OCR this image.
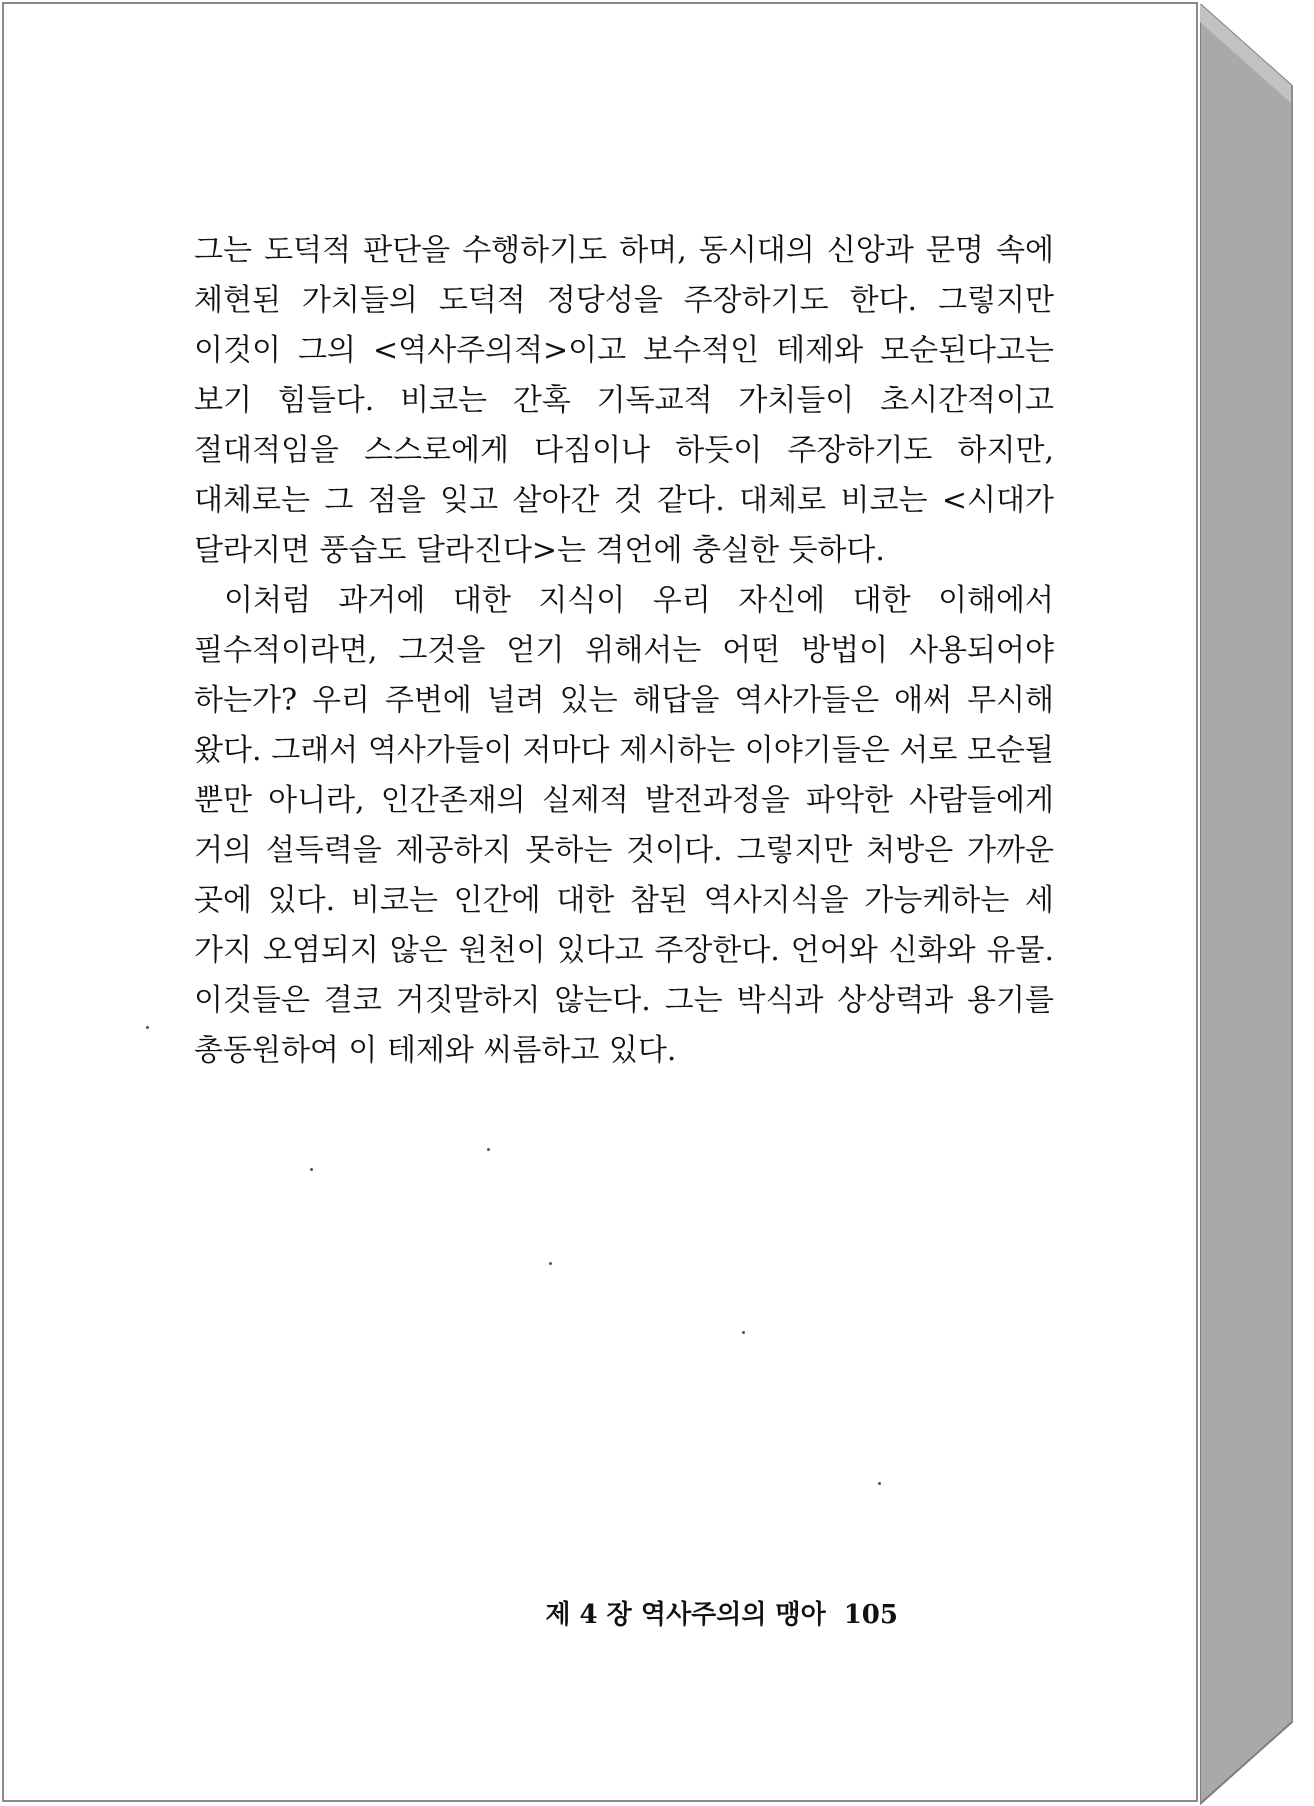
그는 도덕적 판단을 수행하기도 하며, 동시대의 신앙과 문명 속에 체현된 가치들의 도덕적 정당성을 주장하기도 한다. 그렇지만 이것이 그의 <역사주의적>이고 보수적인 테제와 모순된다고는 보기 힘들다. 비코는 간혹 기독교적 가치들이 초시간적이고 절대적임을 스스로에게 다짐이나 하듯이 주장하기도 하지만, 대체로는 그 점을 잊고 살아간 것 같다. 대체로 비코는 <시대가 달라지면 풍습도 달라진다>는 격언에 충실한 듯하다.

이처럼 과거에 대한 지식이 우리 자신에 대한 이해에서 필수적이라면, 그것을 얻기 위해서는 어떤 방법이 사용되어야 하는가? 우리 주변에 널려 있는 해답을 역사가들은 애써 무시해 왔다. 그래서 역사가들이 저마다 제시하는 이야기들은 서로 모순될 뿐만 아니라, 인간존재의 실제적 발전과정을 파악한 사람들에게 거의 설득력을 제공하지 못하는 것이다. 그렇지만 처방은 가까운 곳에 있다. 비코는 인간에 대한 참된 역사지식을 가능케하는 세 가지 오염되지 않은 원천이 있다고 주장한다. 언어와 신화와 유물. 이것들은 결코 거짓말하지 않는다. 그는 박식과 상상력과 용기를 총동원하여 이 테제와 씨름하고 있다.

제 4 장 역사주의의 맹아 105
